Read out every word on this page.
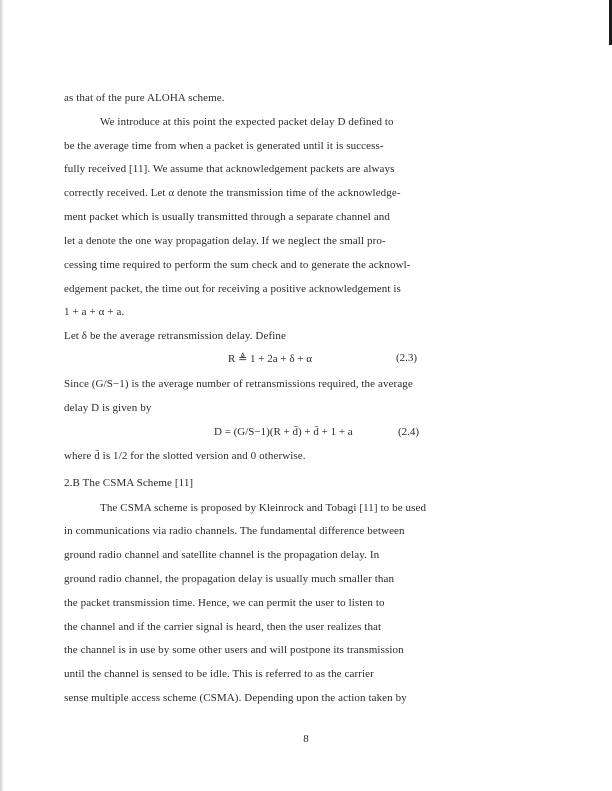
as that of the pure ALOHA scheme.
We introduce at this point the expected packet delay D defined to
be the average time from when a packet is generated until it is success-
fully received [11]. We assume that acknowledgement packets are always
correctly received. Let α denote the transmission time of the acknowledge-
ment packet which is usually transmitted through a separate channel and
let a denote the one way propagation delay. If we neglect the small pro-
cessing time required to perform the sum check and to generate the acknowl-
edgement packet, the time out for receiving a positive acknowledgement is
1 + a + α + a.
Let δ be the average retransmission delay. Define
R ≜ 1 + 2a + δ + α	(2.3)
Since (G/S−1) is the average number of retransmissions required, the average
delay D is given by
D = (G/S−1)(R + d̄) + d̄ + 1 + a	(2.4)
where d̄ is 1/2 for the slotted version and 0 otherwise.
2.B The CSMA Scheme [11]
The CSMA scheme is proposed by Kleinrock and Tobagi [11] to be used
in communications via radio channels. The fundamental difference between
ground radio channel and satellite channel is the propagation delay. In
ground radio channel, the propagation delay is usually much smaller than
the packet transmission time. Hence, we can permit the user to listen to
the channel and if the carrier signal is heard, then the user realizes that
the channel is in use by some other users and will postpone its transmission
until the channel is sensed to be idle. This is referred to as the carrier
sense multiple access scheme (CSMA). Depending upon the action taken by
8
